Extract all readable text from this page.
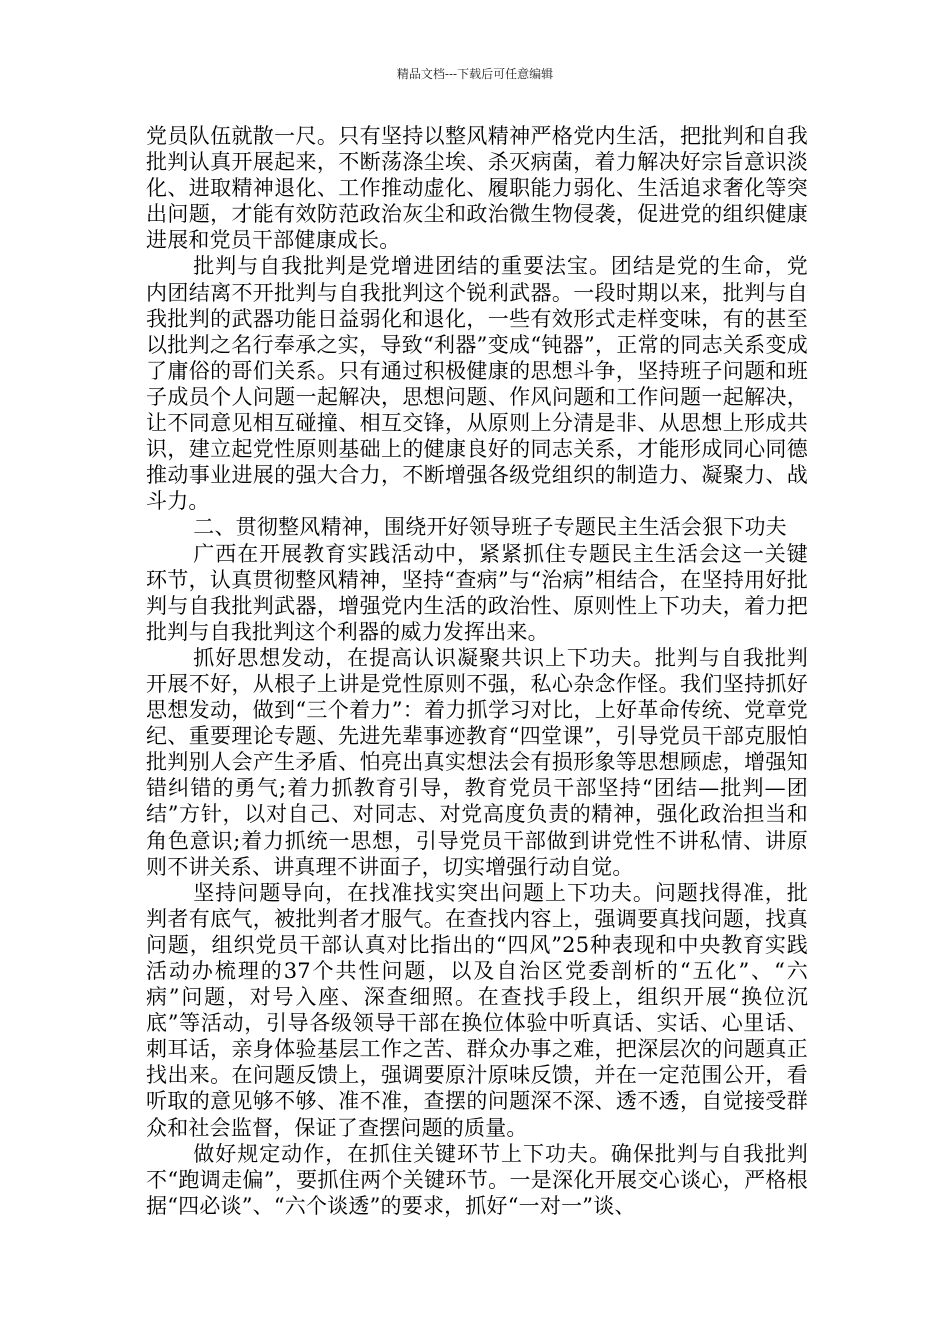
精品文档---下载后可任意编辑

党员队伍就散一尺。只有坚持以整风精神严格党内生活，把批判和自我批判认真开展起来，不断荡涤尘埃、杀灭病菌，着力解决好宗旨意识淡化、进取精神退化、工作推动虚化、履职能力弱化、生活追求奢化等突出问题，才能有效防范政治灰尘和政治微生物侵袭，促进党的组织健康进展和党员干部健康成长。

批判与自我批判是党增进团结的重要法宝。团结是党的生命，党内团结离不开批判与自我批判这个锐利武器。一段时期以来，批判与自我批判的武器功能日益弱化和退化，一些有效形式走样变味，有的甚至以批判之名行奉承之实，导致“利器”变成“钝器”，正常的同志关系变成了庸俗的哥们关系。只有通过积极健康的思想斗争，坚持班子问题和班子成员个人问题一起解决，思想问题、作风问题和工作问题一起解决，让不同意见相互碰撞、相互交锋，从原则上分清是非、从思想上形成共识，建立起党性原则基础上的健康良好的同志关系，才能形成同心同德推动事业进展的强大合力，不断增强各级党组织的制造力、凝聚力、战斗力。

二、贯彻整风精神，围绕开好领导班子专题民主生活会狠下功夫

广西在开展教育实践活动中，紧紧抓住专题民主生活会这一关键环节，认真贯彻整风精神，坚持“查病”与“治病”相结合，在坚持用好批判与自我批判武器，增强党内生活的政治性、原则性上下功夫，着力把批判与自我批判这个利器的威力发挥出来。

抓好思想发动，在提高认识凝聚共识上下功夫。批判与自我批判开展不好，从根子上讲是党性原则不强，私心杂念作怪。我们坚持抓好思想发动，做到“三个着力”：着力抓学习对比，上好革命传统、党章党纪、重要理论专题、先进先辈事迹教育“四堂课”，引导党员干部克服怕批判别人会产生矛盾、怕亮出真实想法会有损形象等思想顾虑，增强知错纠错的勇气;着力抓教育引导，教育党员干部坚持“团结—批判—团结”方针，以对自己、对同志、对党高度负责的精神，强化政治担当和角色意识;着力抓统一思想，引导党员干部做到讲党性不讲私情、讲原则不讲关系、讲真理不讲面子，切实增强行动自觉。

坚持问题导向，在找准找实突出问题上下功夫。问题找得准，批判者有底气，被批判者才服气。在查找内容上，强调要真找问题，找真问题，组织党员干部认真对比指出的“四风”25种表现和中央教育实践活动办梳理的37个共性问题，以及自治区党委剖析的“五化”、“六病”问题，对号入座、深查细照。在查找手段上，组织开展“换位沉底”等活动，引导各级领导干部在换位体验中听真话、实话、心里话、刺耳话，亲身体验基层工作之苦、群众办事之难，把深层次的问题真正找出来。在问题反馈上，强调要原汁原味反馈，并在一定范围公开，看听取的意见够不够、准不准，查摆的问题深不深、透不透，自觉接受群众和社会监督，保证了查摆问题的质量。

做好规定动作，在抓住关键环节上下功夫。确保批判与自我批判不“跑调走偏”，要抓住两个关键环节。一是深化开展交心谈心，严格根据“四必谈”、“六个谈透”的要求，抓好“一对一”谈、
